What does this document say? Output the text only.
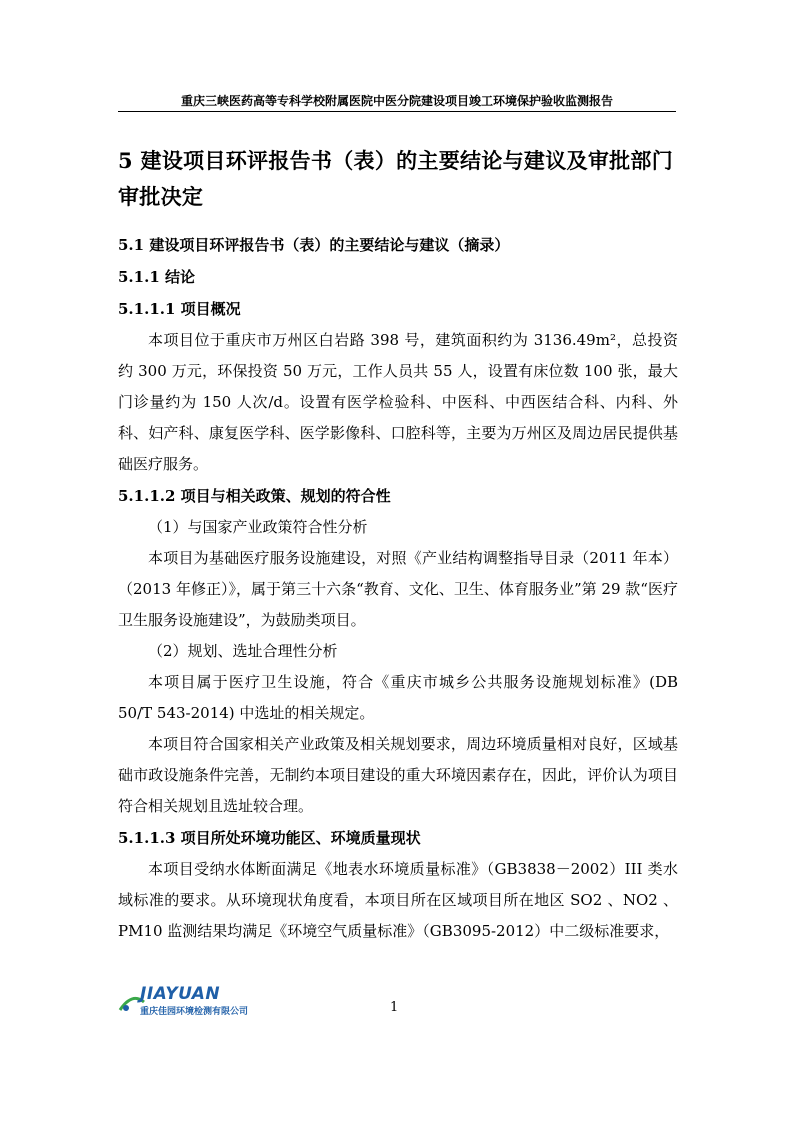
重庆三峡医药高等专科学校附属医院中医分院建设项目竣工环境保护验收监测报告
5 建设项目环评报告书（表）的主要结论与建议及审批部门审批决定
5.1 建设项目环评报告书（表）的主要结论与建议（摘录）
5.1.1 结论
5.1.1.1 项目概况

本项目位于重庆市万州区白岩路 398 号，建筑面积约为 3136.49m²，总投资约 300 万元，环保投资 50 万元，工作人员共 55 人，设置有床位数 100 张，最大门诊量约为 150 人次/d。设置有医学检验科、中医科、中西医结合科、内科、外科、妇产科、康复医学科、医学影像科、口腔科等，主要为万州区及周边居民提供基础医疗服务。

5.1.1.2 项目与相关政策、规划的符合性

（1）与国家产业政策符合性分析

本项目为基础医疗服务设施建设，对照《产业结构调整指导目录（2011 年本）（2013 年修正）》，属于第三十六条“教育、文化、卫生、体育服务业”第 29 款“医疗卫生服务设施建设”，为鼓励类项目。

（2）规划、选址合理性分析

本项目属于医疗卫生设施，符合《重庆市城乡公共服务设施规划标准》(DB 50/T 543-2014) 中选址的相关规定。

本项目符合国家相关产业政策及相关规划要求，周边环境质量相对良好，区域基础市政设施条件完善，无制约本项目建设的重大环境因素存在，因此，评价认为项目符合相关规划且选址较合理。

5.1.1.3 项目所处环境功能区、环境质量现状

本项目受纳水体断面满足《地表水环境质量标准》（GB3838－2002）III 类水域标准的要求。从环境现状角度看，本项目所在区域项目所在地区 SO2 、NO2 、PM10 监测结果均满足《环境空气质量标准》（GB3095-2012）中二级标准要求，

JIAYUAN
重庆佳园环境检测有限公司	1
